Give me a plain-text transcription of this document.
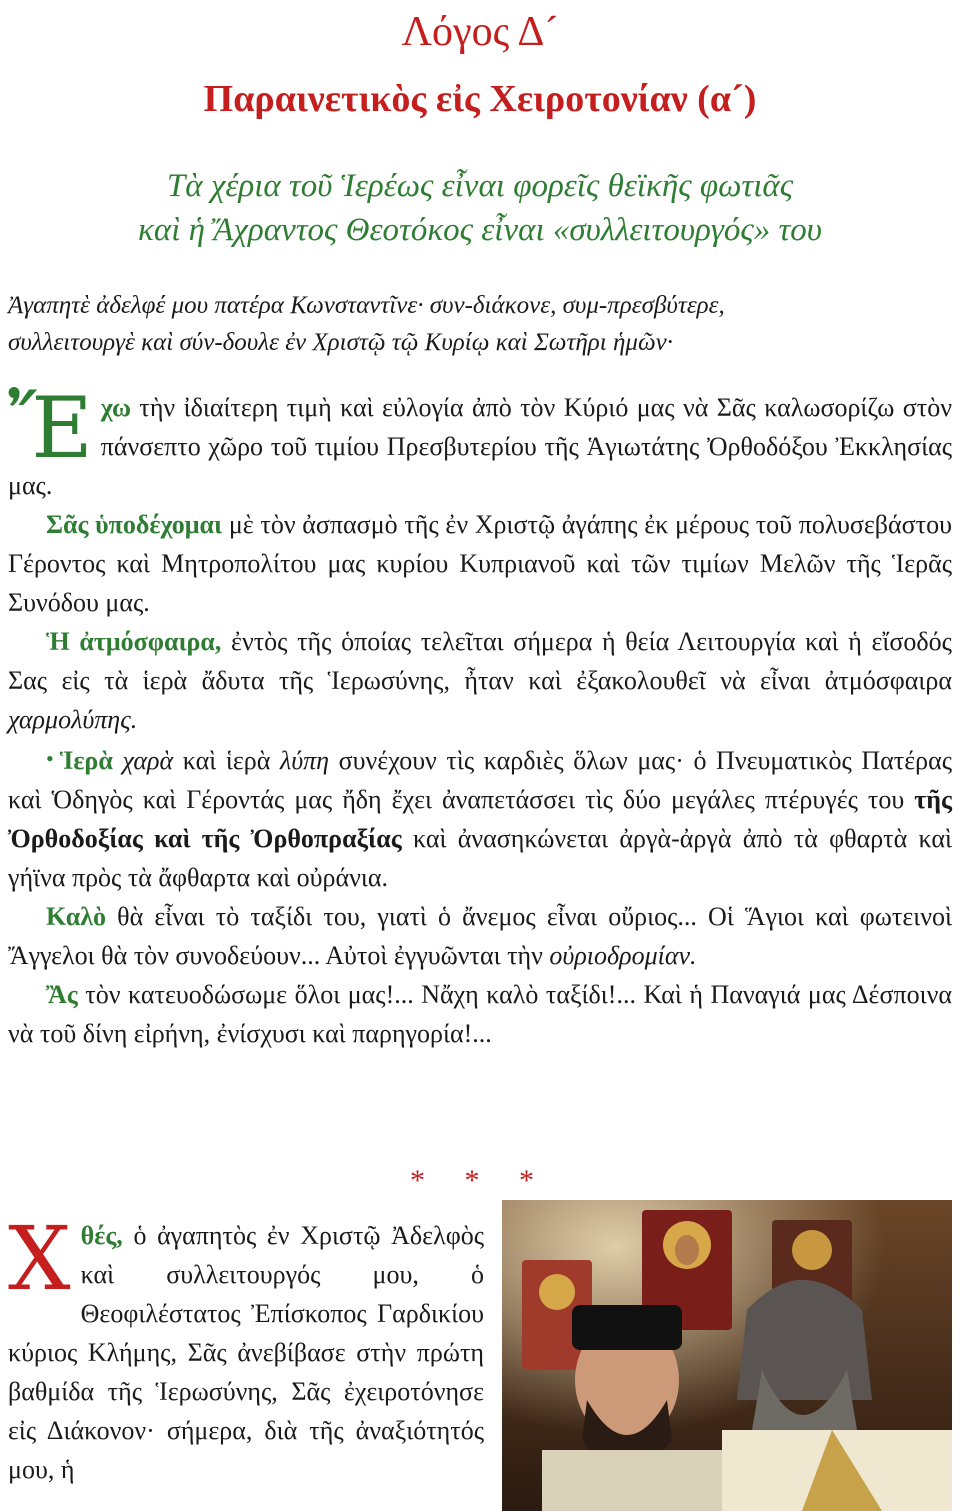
Λόγος Δ´
Παραινετικὸς εἰς Χειροτονίαν (α´)
Τὰ χέρια τοῦ Ἱερέως εἶναι φορεῖς θεϊκῆς φωτιᾶς
καὶ ἡ Ἄχραντος Θεοτόκος εἶναι «συλλειτουργός» του
Ἀγαπητὲ ἀδελφέ μου πατέρα Κωνσταντῖνε· συν-διάκονε, συμ-πρεσβύτερε,
συλλειτουργὲ καὶ σύν-δουλε ἐν Χριστῷ τῷ Κυρίῳ καὶ Σωτῆρι ἡμῶν·

Ἔχω τὴν ἰδιαίτερη τιμὴ καὶ εὐλογία ἀπὸ τὸν Κύριό μας νὰ Σᾶς καλωσορίζω στὸν πάνσεπτο χῶρο τοῦ τιμίου Πρεσβυτερίου τῆς Ἁγιωτάτης Ὀρθοδόξου Ἐκκλησίας μας.

Σᾶς ὑποδέχομαι μὲ τὸν ἀσπασμὸ τῆς ἐν Χριστῷ ἀγάπης ἐκ μέρους τοῦ πολυσεβάστου Γέροντος καὶ Μητροπολίτου μας κυρίου Κυπριανοῦ καὶ τῶν τιμίων Μελῶν τῆς Ἱερᾶς Συνόδου μας.

Ἡ ἀτμόσφαιρα, ἐντὸς τῆς ὁποίας τελεῖται σήμερα ἡ θεία Λειτουργία καὶ ἡ εἴσοδός Σας εἰς τὰ ἱερὰ ἄδυτα τῆς Ἱερωσύνης, ἦταν καὶ ἐξακολουθεῖ νὰ εἶναι ἀτμόσφαιρα χαρμολύπης.

• Ἱερὰ χαρὰ καὶ ἱερὰ λύπη συνέχουν τὶς καρδιὲς ὅλων μας· ὁ Πνευματικὸς Πατέρας καὶ Ὁδηγὸς καὶ Γέροντάς μας ἤδη ἔχει ἀναπετάσσει τὶς δύο μεγάλες πτέρυγές του τῆς Ὀρθοδοξίας καὶ τῆς Ὀρθοπραξίας καὶ ἀνασηκώνεται ἀργὰ-ἀργὰ ἀπὸ τὰ φθαρτὰ καὶ γήϊνα πρὸς τὰ ἄφθαρτα καὶ οὐράνια.

Καλὸ θὰ εἶναι τὸ ταξίδι του, γιατὶ ὁ ἄνεμος εἶναι οὔριος... Οἱ Ἅγιοι καὶ φωτεινοὶ Ἄγγελοι θὰ τὸν συνοδεύουν... Αὐτοὶ ἐγγυῶνται τὴν οὐριοδρομίαν.

Ἂς τὸν κατευοδώσωμε ὅλοι μας!... Νἄχη καλὸ ταξίδι!... Καὶ ἡ Παναγιά μας Δέσποινα νὰ τοῦ δίνη εἰρήνη, ἐνίσχυσι καὶ παρηγορία!...

* * *
Χθές, ὁ ἀγαπητὸς ἐν Χριστῷ Ἀδελφὸς καὶ συλλειτουργός μου, ὁ Θεοφιλέστατος Ἐπίσκοπος Γαρδικίου κύριος Κλήμης, Σᾶς ἀνεβίβασε στὴν πρώτη βαθμίδα τῆς Ἱερωσύνης, Σᾶς ἐχειροτόνησε εἰς Διάκονον· σήμερα, διὰ τῆς ἀναξιότητός μου, ἡ
